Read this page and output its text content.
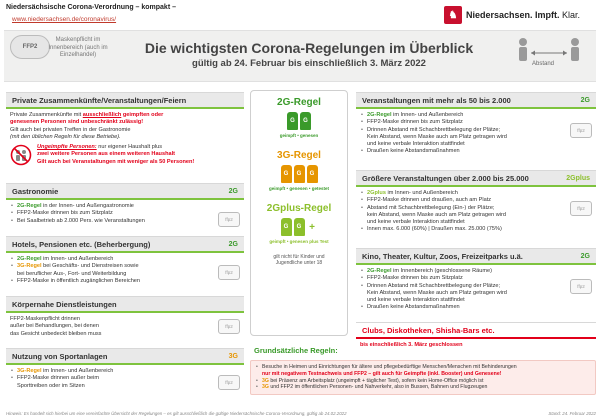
Niedersächsische Corona-Verordnung – kompakt –
www.niedersachsen.de/coronavirus/	♞ Niedersachsen. Impft. Klar.
FFP2
Maskenpflicht im Innenbereich (auch im Einzelhandel)	Die wichtigsten Corona-Regelungen im Überblick
gültig ab 24. Februar bis einschließlich 3. März 2022	Abstand
Private Zusammenkünfte/Veranstaltungen/Feiern
Private Zusammenkünfte mit ausschließlich geimpften oder
genesenen Personen sind unbeschränkt zulässig!
Gilt auch bei privaten Treffen in der Gastronomie
(mit den üblichen Regeln für diese Betriebe).
Ungeimpfte Personen: nur eigener Haushalt plus
zwei weitere Personen aus einem weiteren Haushalt
Gilt auch bei Veranstaltungen mit weniger als 50 Personen!
Gastronomie	2G
• 2G-Regel in der Innen- und Außengastronomie
• FFP2-Maske drinnen bis zum Sitzplatz
• Bei Saalbetrieb ab 2.000 Pers. wie Veranstaltungen	ffp2
Hotels, Pensionen etc. (Beherbergung)	2G
• 2G-Regel im Innen- und Außenbereich
• 3G-Regel bei Geschäfts- und Dienstreisen sowie
bei beruflicher Aus-, Fort- und Weiterbildung
• FFP2-Maske in öffentlich zugänglichen Bereichen
ffp2
Körpernahe Dienstleistungen
FFP2-Maskenpflicht drinnen
außer bei Behandlungen, bei denen
das Gesicht unbedeckt bleiben muss
ffp2
Nutzung von Sportanlagen	3G
• 3G-Regel im Innen- und Außenbereich
• FFP2-Maske drinnen außer beim
Sporttreiben oder im Sitzen
ffp2
2G-Regel
G	G
geimpft • genesen
3G-Regel
G	G	G
geimpft • genesen • getestet
2Gplus-Regel
G	G +
geimpft • genesen plus Test
gilt nicht für Kinder und
Jugendliche unter 18
Veranstaltungen mit mehr als 50 bis 2.000	2G
• 2G-Regel im Innen- und Außenbereich
• FFP2-Maske drinnen bis zum Sitzplatz
• Drinnen Abstand mit Schachbrettbelegung der Plätze;
Kein Abstand, wenn Maske auch am Platz getragen wird
und keine verbale Interaktion stattfindet
• Draußen keine Abstandsmaßnahmen
ffp2
Größere Veranstaltungen über 2.000 bis 25.000	2Gplus
• 2Gplus im Innen- und Außenbereich
• FFP2-Maske drinnen und draußen, auch am Platz
• Abstand mit Schachbrettbelegung (Ein-) der Plätze;
kein Abstand, wenn Maske auch am Platz getragen wird
und keine verbale Interaktion stattfindet
• Innen max. 6.000 (60%) | Draußen max. 25.000 (75%)
ffp2
Kino, Theater, Kultur, Zoos, Freizeitparks u.ä.	2G
• 2G-Regel im Innenbereich (geschlossene Räume)
• FFP2-Maske drinnen bis zum Sitzplatz
• Drinnen Abstand mit Schachbrettbelegung der Plätze;
Kein Abstand, wenn Maske auch am Platz getragen wird
und keine verbale Interaktion stattfindet
• Draußen keine Abstandsmaßnahmen
ffp2
Clubs, Diskotheken, Shisha-Bars etc.
bis einschließlich 3. März geschlossen
Grundsätzliche Regeln:
• Besuche in Heimen und Einrichtungen für ältere und pflegebedürftige Menschen/Menschen mit Behinderungen
nur mit negativem Testnachweis und FFP2 – gilt auch für Geimpfte (inkl. Booster) und Genesene!
• 3G bei Präsenz am Arbeitsplatz (ungeimpft + täglicher Test), sofern kein Home-Office möglich ist
• 3G und FFP2 im öffentlichen Personen- und Nahverkehr, also in Bussen, Bahnen und Flugzeugen
Hinweis: Es handelt sich hierbei um eine vereinfachte Übersicht der Regelungen – es gilt ausschließlich die gültige Niedersächsische Corona-Verordnung, gültig ab 24.02.2022	Stand: 24. Februar 2022
